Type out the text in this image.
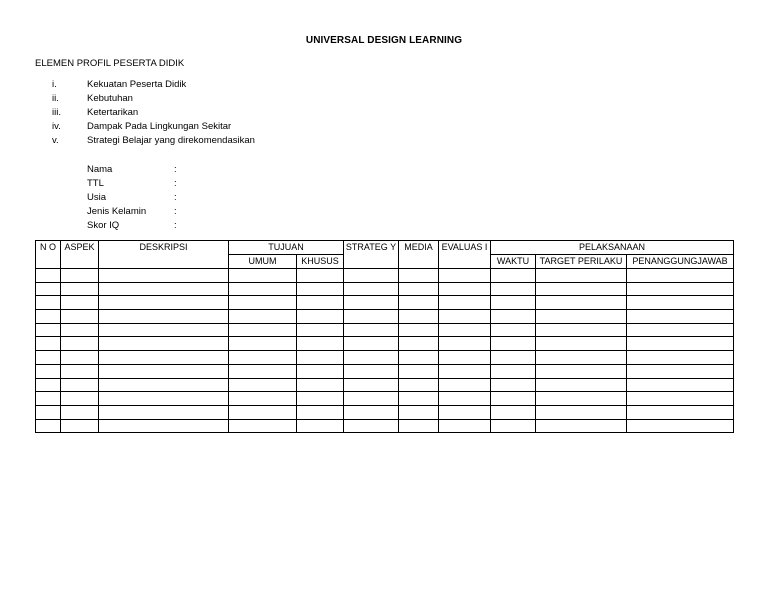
UNIVERSAL DESIGN LEARNING
ELEMEN PROFIL PESERTA DIDIK
i.	Kekuatan Peserta Didik
ii.	Kebutuhan
iii.	Ketertarikan
iv.	Dampak Pada Lingkungan Sekitar
v.	Strategi Belajar yang direkomendasikan
Nama	:
TTL	:
Usia	:
Jenis Kelamin	:
Skor IQ	:
N O	ASPEK	DESKRIPSI	TUJUAN		STRATEG Y	MEDIA	EVALUAS I	PELAKSANAAN		
			UMUM	KHUSUS				WAKTU	TARGET PERILAKU	PENANGGUNGJAWAB
